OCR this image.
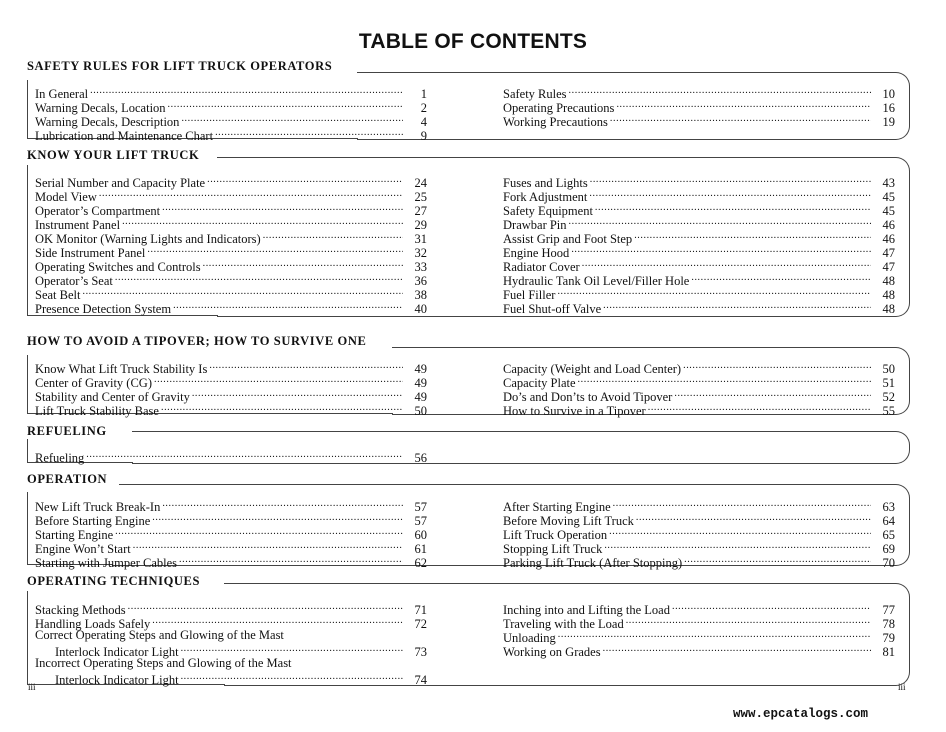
TABLE OF CONTENTS
SAFETY RULES FOR LIFT TRUCK OPERATORS
In General .....	1
Warning Decals, Location .....	2
Warning Decals, Description .....	4
Lubrication and Maintenance Chart .....	9
Safety Rules .....	10
Operating Precautions .....	16
Working Precautions .....	19
KNOW YOUR LIFT TRUCK
Serial Number and Capacity Plate .....	24
Model View .....	25
Operator’s Compartment .....	27
Instrument Panel .....	29
OK Monitor (Warning Lights and Indicators) .....	31
Side Instrument Panel .....	32
Operating Switches and Controls .....	33
Operator’s Seat .....	36
Seat Belt .....	38
Presence Detection System .....	40
Fuses and Lights .....	43
Fork Adjustment .....	45
Safety Equipment .....	45
Drawbar Pin .....	46
Assist Grip and Foot Step .....	46
Engine Hood .....	47
Radiator Cover .....	47
Hydraulic Tank Oil Level/Filler Hole .....	48
Fuel Filler .....	48
Fuel Shut-off Valve .....	48
HOW TO AVOID A TIPOVER; HOW TO SURVIVE ONE
Know What Lift Truck Stability Is .....	49
Center of Gravity (CG) .....	49
Stability and Center of Gravity .....	49
Lift Truck Stability Base .....	50
Capacity (Weight and Load Center) .....	50
Capacity Plate .....	51
Do’s and Don’ts to Avoid Tipover .....	52
How to Survive in a Tipover .....	55
REFUELING
Refueling .....	56
OPERATION
New Lift Truck Break-In .....	57
Before Starting Engine .....	57
Starting Engine .....	60
Engine Won’t Start .....	61
Starting with Jumper Cables .....	62
After Starting Engine .....	63
Before Moving Lift Truck .....	64
Lift Truck Operation .....	65
Stopping Lift Truck .....	69
Parking Lift Truck (After Stopping) .....	70
OPERATING TECHNIQUES
Stacking Methods .....	71
Handling Loads Safely .....	72
Correct Operating Steps and Glowing of the Mast
Interlock Indicator Light .....	73
Incorrect Operating Steps and Glowing of the Mast
Interlock Indicator Light .....	74
Inching into and Lifting the Load .....	77
Traveling with the Load .....	78
Unloading .....	79
Working on Grades .....	81
iii	iii
www.epcatalogs.com
